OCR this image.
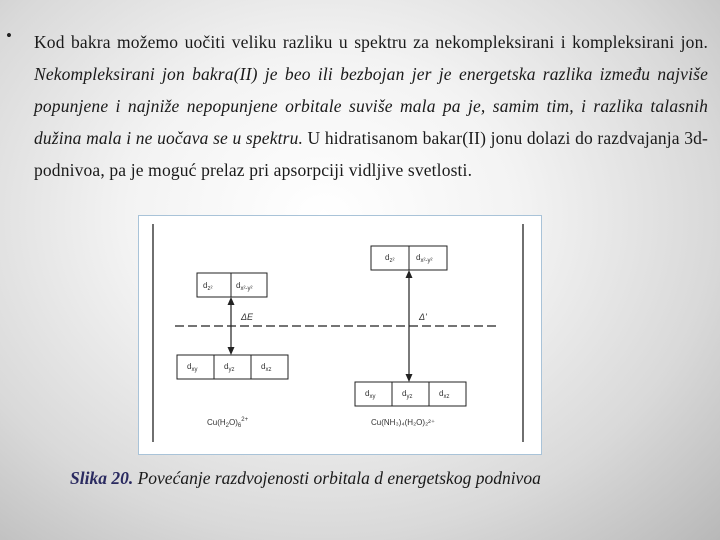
• Kod bakra možemo uočiti veliku razliku u spektru za nekompleksirani i kompleksirani jon. Nekompleksirani jon bakra(II) je beo ili bezbojan jer je energetska razlika između najviše popunjene i najniže nepopunjene orbitale suviše mala pa je, samim tim, i razlika talasnih dužina mala i ne uočava se u spektru. U hidratisanom bakar(II) jonu dolazi do razdvajanja 3d-podnivoa, pa je moguć prelaz pri apsorpciji vidljive svetlosti.
$d_{z^2}$	$d_{x^2-y^2}$
$d_{xy}$	$d_{yz}$	$d_{xz}$
ΔE
$d_{z^2}$	$d_{x^2-y^2}$
$d_{xy}$	$d_{yz}$	$d_{xz}$
Δ'
$Cu(H_2O)_6^{2+}$	Cu(NH₃)₄(H₂O)₂²⁺
Slika 20. Povećanje razdvojenosti orbitala d energetskog podnivoa
